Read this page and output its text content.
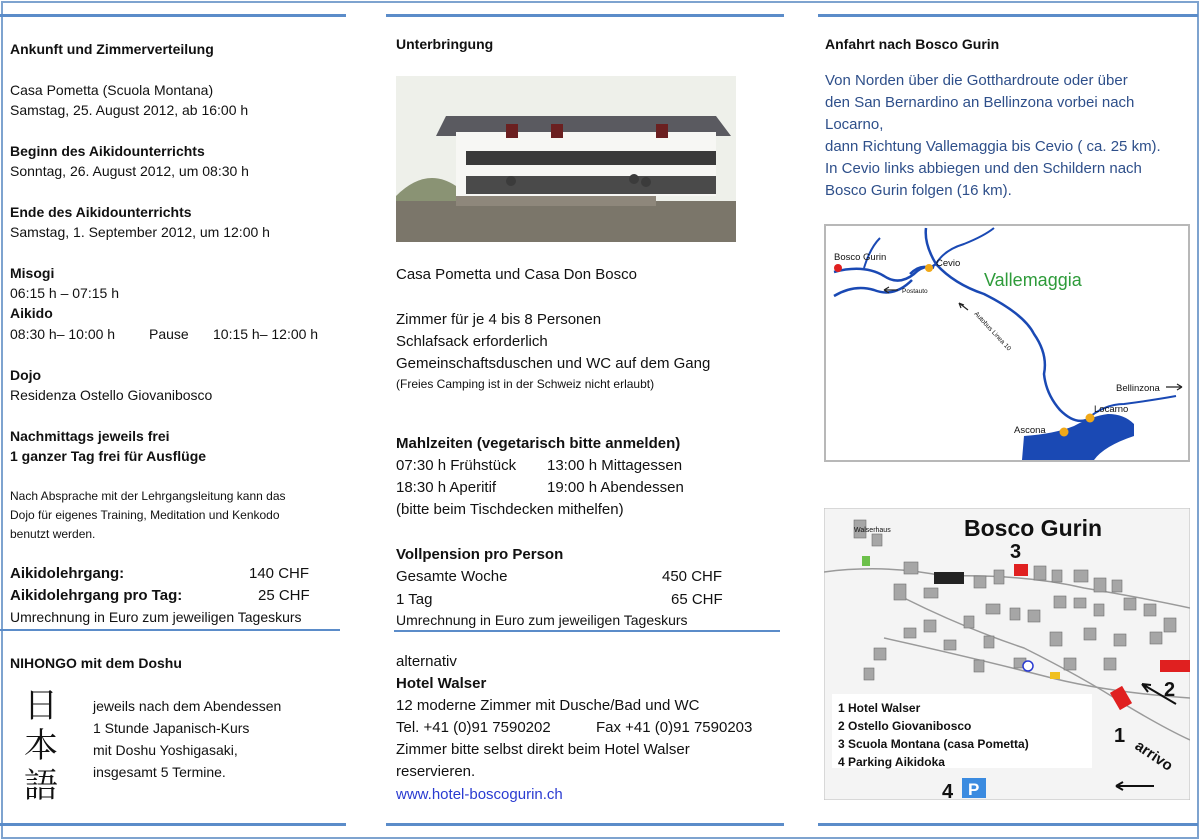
Ankunft und Zimmerverteilung
Casa Pometta (Scuola Montana)
Samstag, 25. August 2012, ab 16:00 h
Beginn des Aikidounterrichts
Sonntag, 26. August 2012, um 08:30 h
Ende des Aikidounterrichts
Samstag, 1. September 2012, um 12:00 h
Misogi
06:15 h – 07:15 h
Aikido
08:30 h– 10:00 h Pause 10:15 h– 12:00 h
Dojo
Residenza Ostello Giovanibosco
Nachmittags jeweils frei
1 ganzer Tag frei für Ausflüge
Nach Absprache mit der Lehrgangsleitung kann das
Dojo für eigenes Training, Meditation und Kenkodo
benutzt werden.
Aikidolehrgang:	140 CHF
Aikidolehrgang pro Tag:	25 CHF
Umrechnung in Euro zum jeweiligen Tageskurs
NIHONGO mit dem Doshu
日
本
語
jeweils nach dem Abendessen
1 Stunde Japanisch-Kurs
mit Doshu Yoshigasaki,
insgesamt 5 Termine.
Unterbringung
Casa Pometta und Casa Don Bosco
Zimmer für je 4 bis 8 Personen
Schlafsack erforderlich
Gemeinschaftsduschen und WC auf dem Gang
(Freies Camping ist in der Schweiz nicht erlaubt)
Mahlzeiten (vegetarisch bitte anmelden)
07:30 h Frühstück 13:00 h Mittagessen
18:30 h Aperitif	19:00 h Abendessen
(bitte beim Tischdecken mithelfen)
Vollpension pro Person
Gesamte Woche	450 CHF
1 Tag	65 CHF
Umrechnung in Euro zum jeweiligen Tageskurs
alternativ
Hotel Walser
12 moderne Zimmer mit Dusche/Bad und WC
Tel. +41 (0)91 7590202	Fax +41 (0)91 7590203
Zimmer bitte selbst direkt beim Hotel Walser
reservieren.
www.hotel-boscogurin.ch
Anfahrt nach Bosco Gurin
Von Norden über die Gotthardroute oder über
den San Bernardino an Bellinzona vorbei nach
Locarno,
dann Richtung Vallemaggia bis Cevio ( ca. 25 km).
In Cevio links abbiegen und den Schildern nach
Bosco Gurin folgen (16 km).
Bosco Gurin
Cevio
Vallemaggia
Postauto
Autobus Linea 10
Bellinzona
Locarno
Ascona
Bosco Gurin
Walserhaus
3
2
1
4 P
arrivo
1 Hotel Walser
2 Ostello Giovanibosco
3 Scuola Montana (casa Pometta)
4 Parking Aikidoka
